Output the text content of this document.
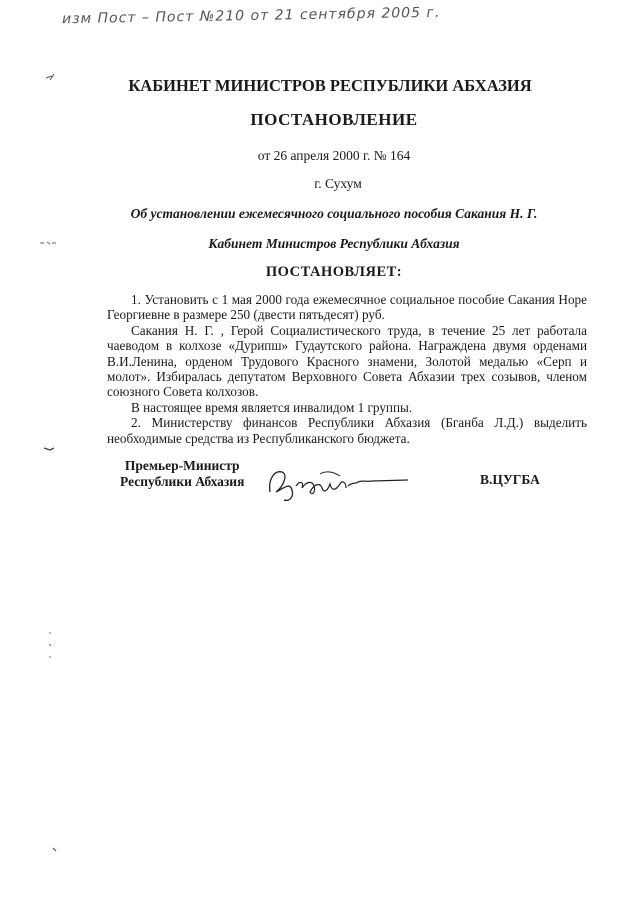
изм Пост – Пост №210 от 21 сентября 2005 г.
КАБИНЕТ МИНИСТРОВ РЕСПУБЛИКИ АБХАЗИЯ
ПОСТАНОВЛЕНИЕ
от 26 апреля 2000 г. № 164
г. Сухум
Об установлении ежемесячного социального пособия Сакания Н. Г.
Кабинет Министров Республики Абхазия
ПОСТАНОВЛЯЕТ:

1. Установить с 1 мая 2000 года ежемесячное социальное пособие Сакания Норе Георгиевне в размере 250 (двести пятьдесят) руб.

Сакания Н. Г. , Герой Социалистического труда, в течение 25 лет работала чаеводом в колхозе «Дурипш» Гудаутского района. Награждена двумя орденами В.И.Ленина, орденом Трудового Красного знамени, Золотой медалью «Серп и молот». Избиралась депутатом Верховного Совета Абхазии трех созывов, членом союзного Совета колхозов.

В настоящее время является инвалидом 1 группы.

2. Министерству финансов Республики Абхазия (Бганба Л.Д.) выделить необходимые средства из Республиканского бюджета.

Премьер-Министр
Республики Абхазия	В.ЦУГБА
